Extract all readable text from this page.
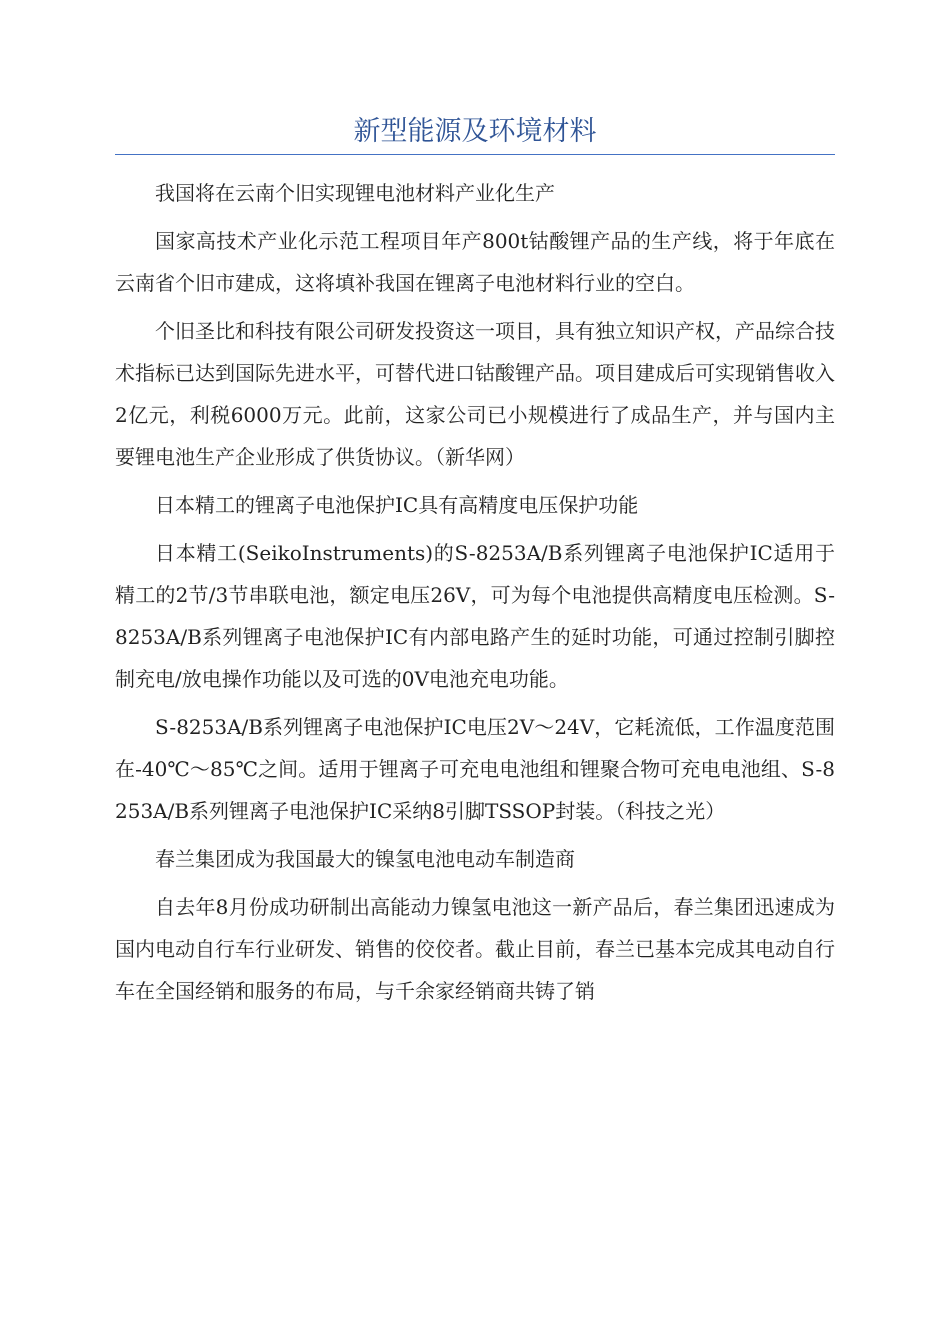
新型能源及环境材料

我国将在云南个旧实现锂电池材料产业化生产

国家高技术产业化示范工程项目年产800t钴酸锂产品的生产线，将于年底在云南省个旧市建成，这将填补我国在锂离子电池材料行业的空白。

个旧圣比和科技有限公司研发投资这一项目，具有独立知识产权，产品综合技术指标已达到国际先进水平，可替代进口钴酸锂产品。项目建成后可实现销售收入2亿元，利税6000万元。此前，这家公司已小规模进行了成品生产，并与国内主要锂电池生产企业形成了供货协议。（新华网）

日本精工的锂离子电池保护IC具有高精度电压保护功能

日本精工(SeikoInstruments)的S-8253A/B系列锂离子电池保护IC适用于精工的2节/3节串联电池，额定电压26V，可为每个电池提供高精度电压检测。S-8253A/B系列锂离子电池保护IC有内部电路产生的延时功能，可通过控制引脚控制充电/放电操作功能以及可选的0V电池充电功能。

S-8253A/B系列锂离子电池保护IC电压2V～24V，它耗流低，工作温度范围在-40℃～85℃之间。适用于锂离子可充电电池组和锂聚合物可充电电池组、S-8253A/B系列锂离子电池保护IC采纳8引脚TSSOP封装。（科技之光）

春兰集团成为我国最大的镍氢电池电动车制造商

自去年8月份成功研制出高能动力镍氢电池这一新产品后，春兰集团迅速成为国内电动自行车行业研发、销售的佼佼者。截止目前，春兰已基本完成其电动自行车在全国经销和服务的布局，与千余家经销商共铸了销
